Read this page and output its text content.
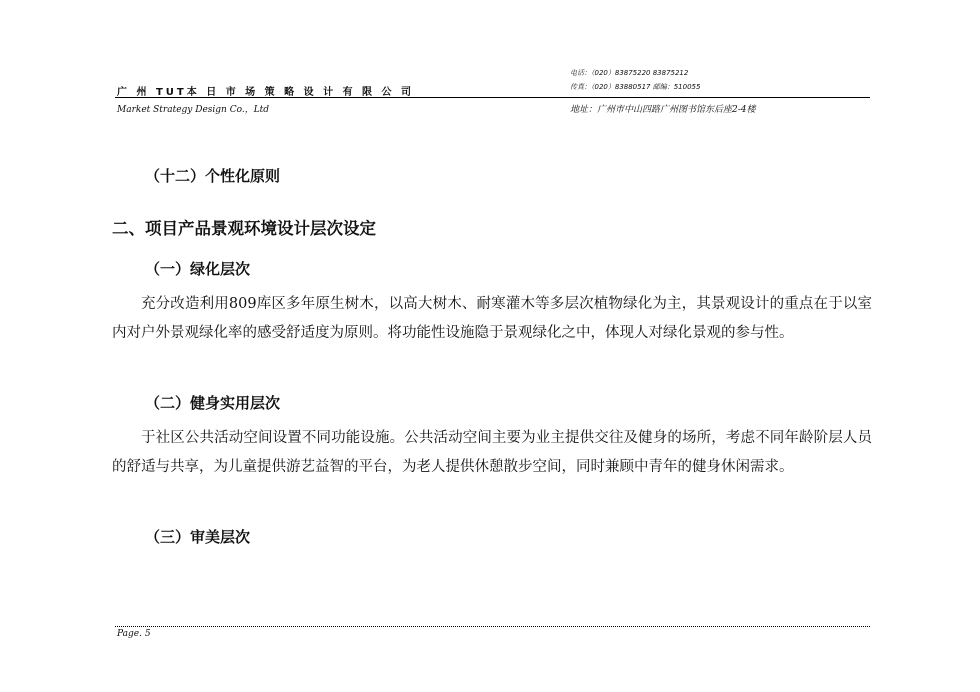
电话：（020）83875220 83875212
传真：（020）83880517 邮编：510055
广 州 TUT本 日 市 场 策 略 设 计 有 限 公 司
Market Strategy Design Co.，Ltd	地址：广州市中山四路广州图书馆东后座2-4楼
（十二）个性化原则
二、项目产品景观环境设计层次设定
（一）绿化层次
充分改造利用809库区多年原生树木，以高大树木、耐寒灌木等多层次植物绿化为主，其景观设计的重点在于以室内对户外景观绿化率的感受舒适度为原则。将功能性设施隐于景观绿化之中，体现人对绿化景观的参与性。
（二）健身实用层次
于社区公共活动空间设置不同功能设施。公共活动空间主要为业主提供交往及健身的场所，考虑不同年龄阶层人员的舒适与共享，为儿童提供游艺益智的平台，为老人提供休憩散步空间，同时兼顾中青年的健身休闲需求。
（三）审美层次
Page. 5
